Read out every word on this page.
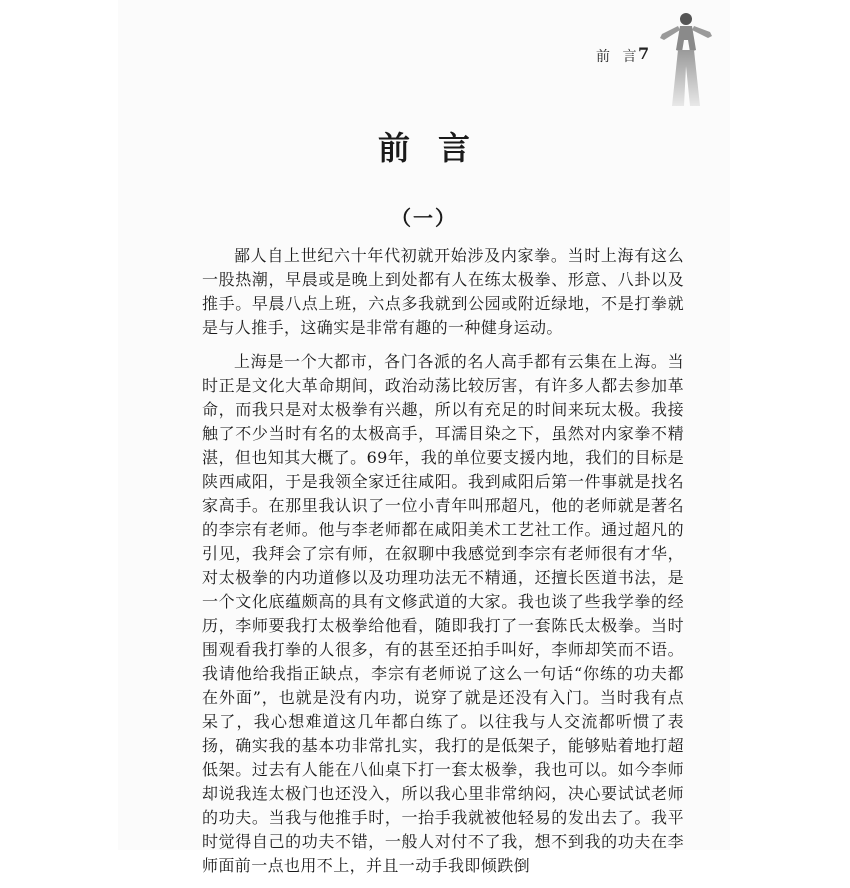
前 言
7
前言
（一）

鄙人自上世纪六十年代初就开始涉及内家拳。当时上海有这么一股热潮，早晨或是晚上到处都有人在练太极拳、形意、八卦以及推手。早晨八点上班，六点多我就到公园或附近绿地，不是打拳就是与人推手，这确实是非常有趣的一种健身运动。

上海是一个大都市，各门各派的名人高手都有云集在上海。当时正是文化大革命期间，政治动荡比较厉害，有许多人都去参加革命，而我只是对太极拳有兴趣，所以有充足的时间来玩太极。我接触了不少当时有名的太极高手，耳濡目染之下，虽然对内家拳不精湛，但也知其大概了。69年，我的单位要支援内地，我们的目标是陕西咸阳，于是我领全家迁往咸阳。我到咸阳后第一件事就是找名家高手。在那里我认识了一位小青年叫邢超凡，他的老师就是著名的李宗有老师。他与李老师都在咸阳美术工艺社工作。通过超凡的引见，我拜会了宗有师，在叙聊中我感觉到李宗有老师很有才华，对太极拳的内功道修以及功理功法无不精通，还擅长医道书法，是一个文化底蕴颇高的具有文修武道的大家。我也谈了些我学拳的经历，李师要我打太极拳给他看，随即我打了一套陈氏太极拳。当时围观看我打拳的人很多，有的甚至还拍手叫好，李师却笑而不语。我请他给我指正缺点，李宗有老师说了这么一句话“你练的功夫都在外面”，也就是没有内功，说穿了就是还没有入门。当时我有点呆了，我心想难道这几年都白练了。以往我与人交流都听惯了表扬，确实我的基本功非常扎实，我打的是低架子，能够贴着地打超低架。过去有人能在八仙桌下打一套太极拳，我也可以。如今李师却说我连太极门也还没入，所以我心里非常纳闷，决心要试试老师的功夫。当我与他推手时，一抬手我就被他轻易的发出去了。我平时觉得自己的功夫不错，一般人对付不了我，想不到我的功夫在李师面前一点也用不上，并且一动手我即倾跌倒
